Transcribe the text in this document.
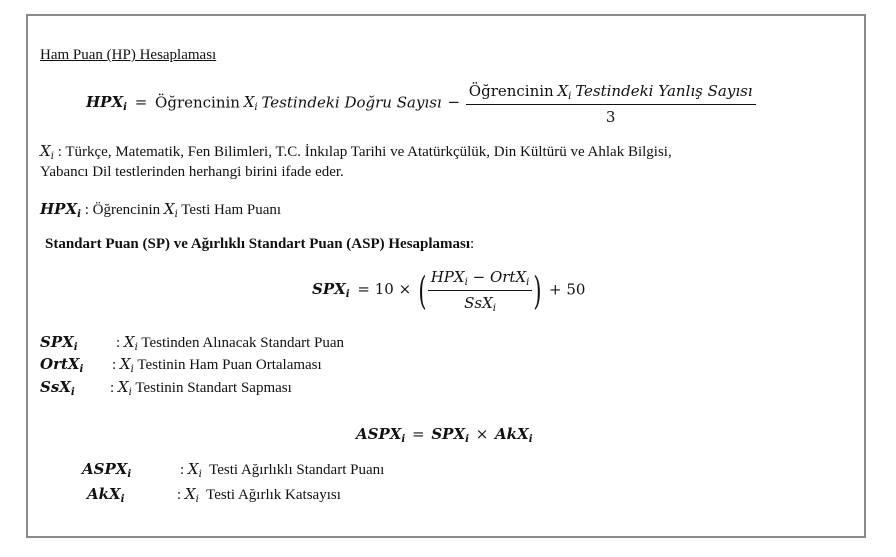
Ham Puan (HP) Hesaplaması
$HPX_i$ = Öğrencinin $X_i$ Testindeki Doğru Sayısı − $\frac{Öğrencinin X_i Testindeki Yanlış Sayısı}{3}$
$X_i$ : Türkçe, Matematik, Fen Bilimleri, T.C. İnkılap Tarihi ve Atatürkçülük, Din Kültürü ve Ahlak Bilgisi,
Yabancı Dil testlerinden herhangi birini ifade eder.
$HPX_i$ : Öğrencinin $X_i$ Testi Ham Puanı
Standart Puan (SP) ve Ağırlıklı Standart Puan (ASP) Hesaplaması:
$SPX_i = 10$ × ( $\frac{HPX_i - OrtX_i}{SsX_i}$ ) + 50
$SPX_i$	: $X_i$ Testinden Alınacak Standart Puan
OrtX$_i$ : $X_i$ Testinin Ham Puan Ortalaması
SsX$_i$ : $X_i$ Testinin Standart Sapması
$ASPX_i = SPX_i \times AkX_i$
$ASPX_i$	: $X_i$  Testi Ağırlıklı Standart Puanı
AkX$_i$	: $X_i$  Testi Ağırlık Katsayısı
